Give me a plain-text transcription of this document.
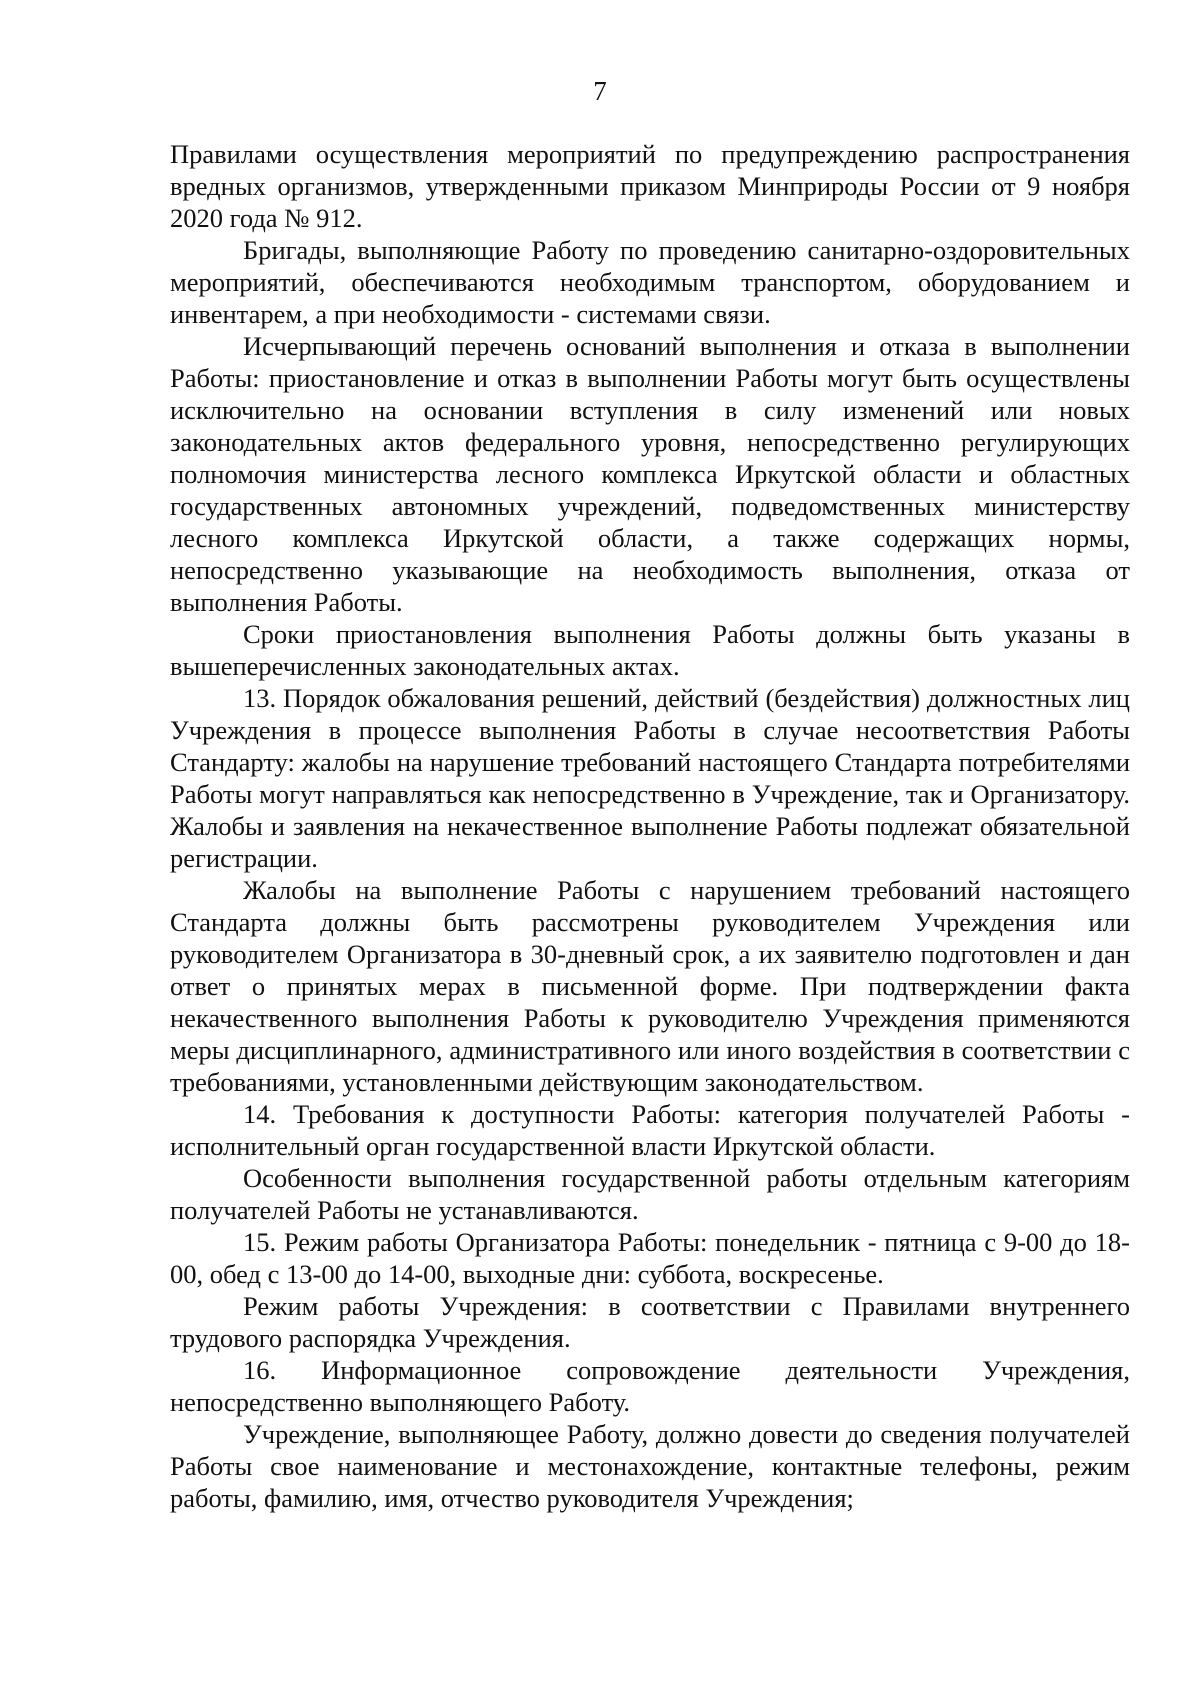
7

Правилами осуществления мероприятий по предупреждению распространения вредных организмов, утвержденными приказом Минприроды России от 9 ноября 2020 года № 912.

Бригады, выполняющие Работу по проведению санитарно-оздоровительных мероприятий, обеспечиваются необходимым транспортом, оборудованием и инвентарем, а при необходимости - системами связи.

Исчерпывающий перечень оснований выполнения и отказа в выполнении Работы: приостановление и отказ в выполнении Работы могут быть осуществлены исключительно на основании вступления в силу изменений или новых законодательных актов федерального уровня, непосредственно регулирующих полномочия министерства лесного комплекса Иркутской области и областных государственных автономных учреждений, подведомственных министерству лесного комплекса Иркутской области, а также содержащих нормы, непосредственно указывающие на необходимость выполнения, отказа от выполнения Работы.

Сроки приостановления выполнения Работы должны быть указаны в вышеперечисленных законодательных актах.

13. Порядок обжалования решений, действий (бездействия) должностных лиц Учреждения в процессе выполнения Работы в случае несоответствия Работы Стандарту: жалобы на нарушение требований настоящего Стандарта потребителями Работы могут направляться как непосредственно в Учреждение, так и Организатору. Жалобы и заявления на некачественное выполнение Работы подлежат обязательной регистрации.

Жалобы на выполнение Работы с нарушением требований настоящего Стандарта должны быть рассмотрены руководителем Учреждения или руководителем Организатора в 30-дневный срок, а их заявителю подготовлен и дан ответ о принятых мерах в письменной форме. При подтверждении факта некачественного выполнения Работы к руководителю Учреждения применяются меры дисциплинарного, административного или иного воздействия в соответствии с требованиями, установленными действующим законодательством.

14. Требования к доступности Работы: категория получателей Работы - исполнительный орган государственной власти Иркутской области.

Особенности выполнения государственной работы отдельным категориям получателей Работы не устанавливаются.

15. Режим работы Организатора Работы: понедельник - пятница с 9-00 до 18-00, обед с 13-00 до 14-00, выходные дни: суббота, воскресенье.

Режим работы Учреждения: в соответствии с Правилами внутреннего трудового распорядка Учреждения.

16. Информационное сопровождение деятельности Учреждения, непосредственно выполняющего Работу.

Учреждение, выполняющее Работу, должно довести до сведения получателей Работы свое наименование и местонахождение, контактные телефоны, режим работы, фамилию, имя, отчество руководителя Учреждения;
